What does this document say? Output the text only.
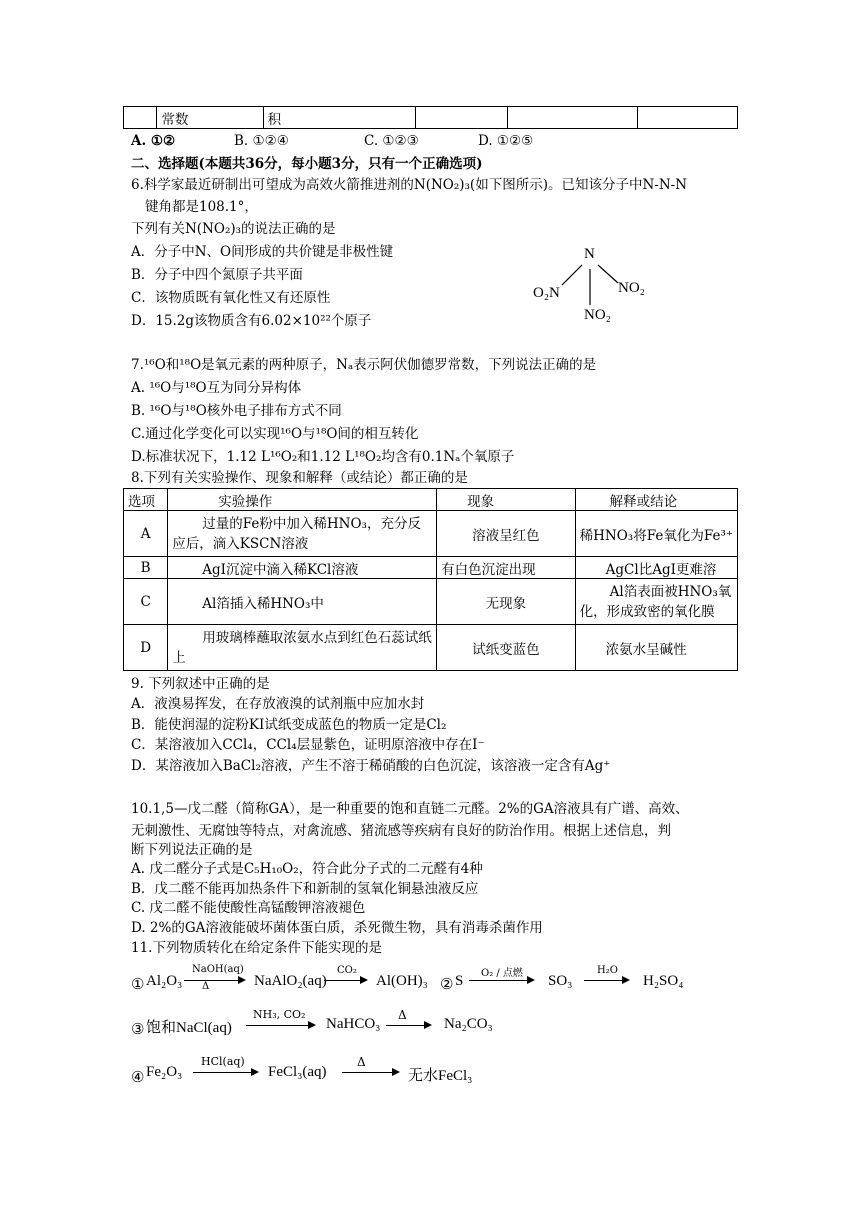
	常数	积			
A. ①②	B. ①②④	C. ①②③	D. ①②⑤
二、选择题(本题共36分，每小题3分，只有一个正确选项)
6.科学家最近研制出可望成为高效火箭推进剂的N(NO₂)₃(如下图所示)。已知该分子中N-N-N
键角都是108.1°，
下列有关N(NO₂)₃的说法正确的是
A．分子中N、O间形成的共价键是非极性键
B．分子中四个氮原子共平面
C．该物质既有氧化性又有还原性
D．15.2g该物质含有6.02×10²²个原子
N
O₂N	NO₂
NO₂
7.¹⁶O和¹⁸O是氧元素的两种原子，Nₐ表示阿伏伽德罗常数，下列说法正确的是
A. ¹⁶O与¹⁸O互为同分异构体
B. ¹⁶O与¹⁸O核外电子排布方式不同
C.通过化学变化可以实现¹⁶O与¹⁸O间的相互转化
D.标准状况下，1.12 L¹⁶O₂和1.12 L¹⁸O₂均含有0.1Nₐ个氧原子
8.下列有关实验操作、现象和解释（或结论）都正确的是
选项	实验操作	现象	解释或结论
A	过量的Fe粉中加入稀HNO₃，充分反应后，滴入KSCN溶液	溶液呈红色	稀HNO₃将Fe氧化为Fe³⁺
B	AgI沉淀中滴入稀KCl溶液	有白色沉淀出现	AgCl比AgI更难溶
C	Al箔插入稀HNO₃中	无现象	Al箔表面被HNO₃氧化，形成致密的氧化膜
D	用玻璃棒蘸取浓氨水点到红色石蕊试纸上	试纸变蓝色	浓氨水呈碱性
9. 下列叙述中正确的是
A．液溴易挥发，在存放液溴的试剂瓶中应加水封
B．能使润湿的淀粉KI试纸变成蓝色的物质一定是Cl₂
C．某溶液加入CCl₄，CCl₄层显紫色，证明原溶液中存在I⁻
D．某溶液加入BaCl₂溶液，产生不溶于稀硝酸的白色沉淀，该溶液一定含有Ag⁺
10.1,5—戊二醛（简称GA），是一种重要的饱和直链二元醛。2%的GA溶液具有广谱、高效、
无刺激性、无腐蚀等特点，对禽流感、猪流感等疾病有良好的防治作用。根据上述信息，判
断下列说法正确的是
A. 戊二醛分子式是C₅H₁₀O₂，符合此分子式的二元醛有4种
B．戊二醛不能再加热条件下和新制的氢氧化铜悬浊液反应
C. 戊二醛不能使酸性高锰酸钾溶液褪色
D. 2%的GA溶液能破坏菌体蛋白质，杀死微生物，具有消毒杀菌作用
11.下列物质转化在给定条件下能实现的是
① Al₂O₃
NaOH(aq)
Δ	NaAlO₂(aq)
CO₂
Al(OH)₃ ② S O₂ / 点燃 SO₃
H₂O
H₂SO₄
③ 饱和NaCl(aq)
NH₃, CO₂
NaHCO₃
Δ
Na₂CO₃
④ Fe₂O₃
HCl(aq)
FeCl₃(aq)
Δ
无水FeCl₃
